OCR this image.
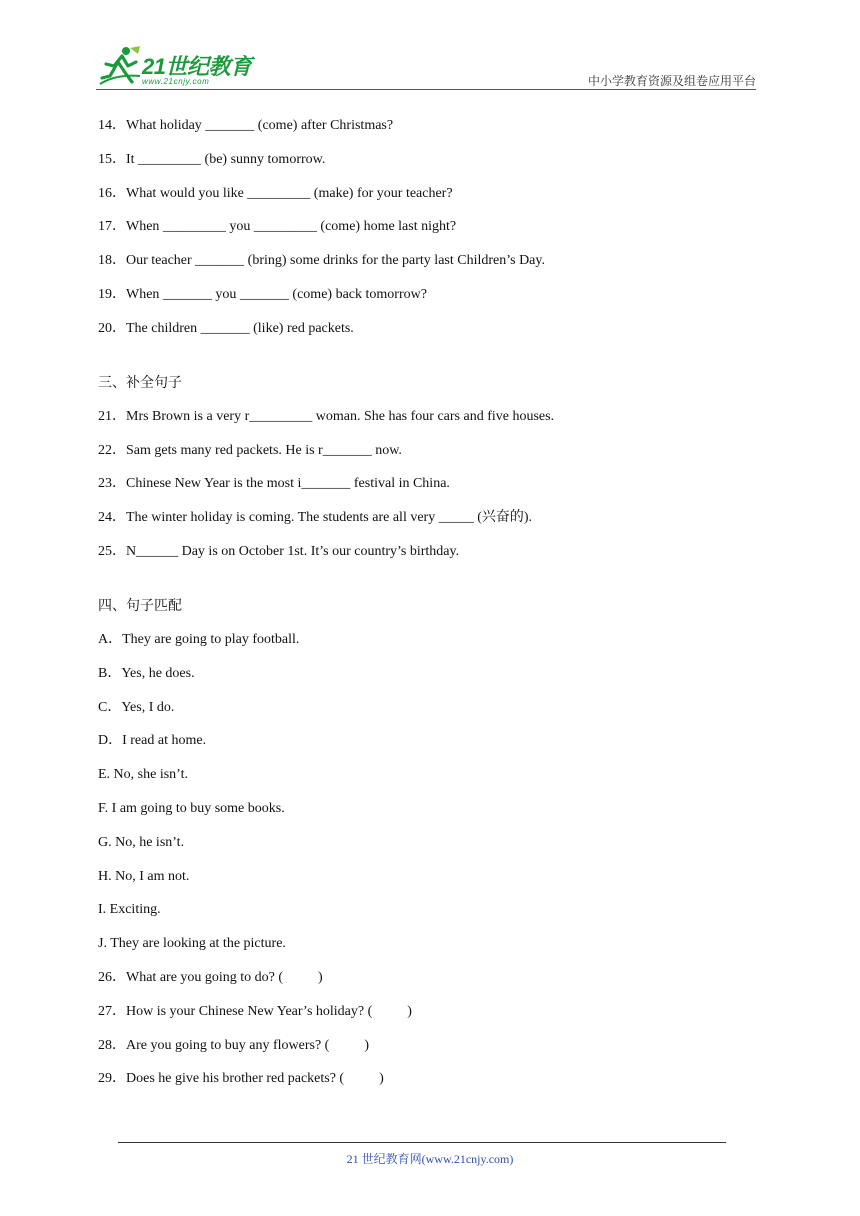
21世纪教育
www.21cnjy.com	中小学教育资源及组卷应用平台
14．What holiday _______ (come) after Christmas?
15．It _________ (be) sunny tomorrow.
16．What would you like _________ (make) for your teacher?
17．When _________ you _________ (come) home last night?
18．Our teacher _______ (bring) some drinks for the party last Children’s Day.
19．When _______ you _______ (come) back tomorrow?
20．The children _______ (like) red packets.
三、补全句子
21．Mrs Brown is a very r_________ woman. She has four cars and five houses.
22．Sam gets many red packets. He is r_______ now.
23．Chinese New Year is the most i_______ festival in China.
24．The winter holiday is coming. The students are all very _____ (兴奋的).
25．N______ Day is on October 1st. It’s our country’s birthday.
四、句子匹配
A．They are going to play football.
B．Yes, he does.
C．Yes, I do.
D．I read at home.
E. No, she isn’t.
F. I am going to buy some books.
G. No, he isn’t.
H. No, I am not.
I. Exciting.
J. They are looking at the picture.
26．What are you going to do? (          )
27．How is your Chinese New Year’s holiday? (          )
28．Are you going to buy any flowers? (          )
29．Does he give his brother red packets? (          )
21 世纪教育网(www.21cnjy.com)
